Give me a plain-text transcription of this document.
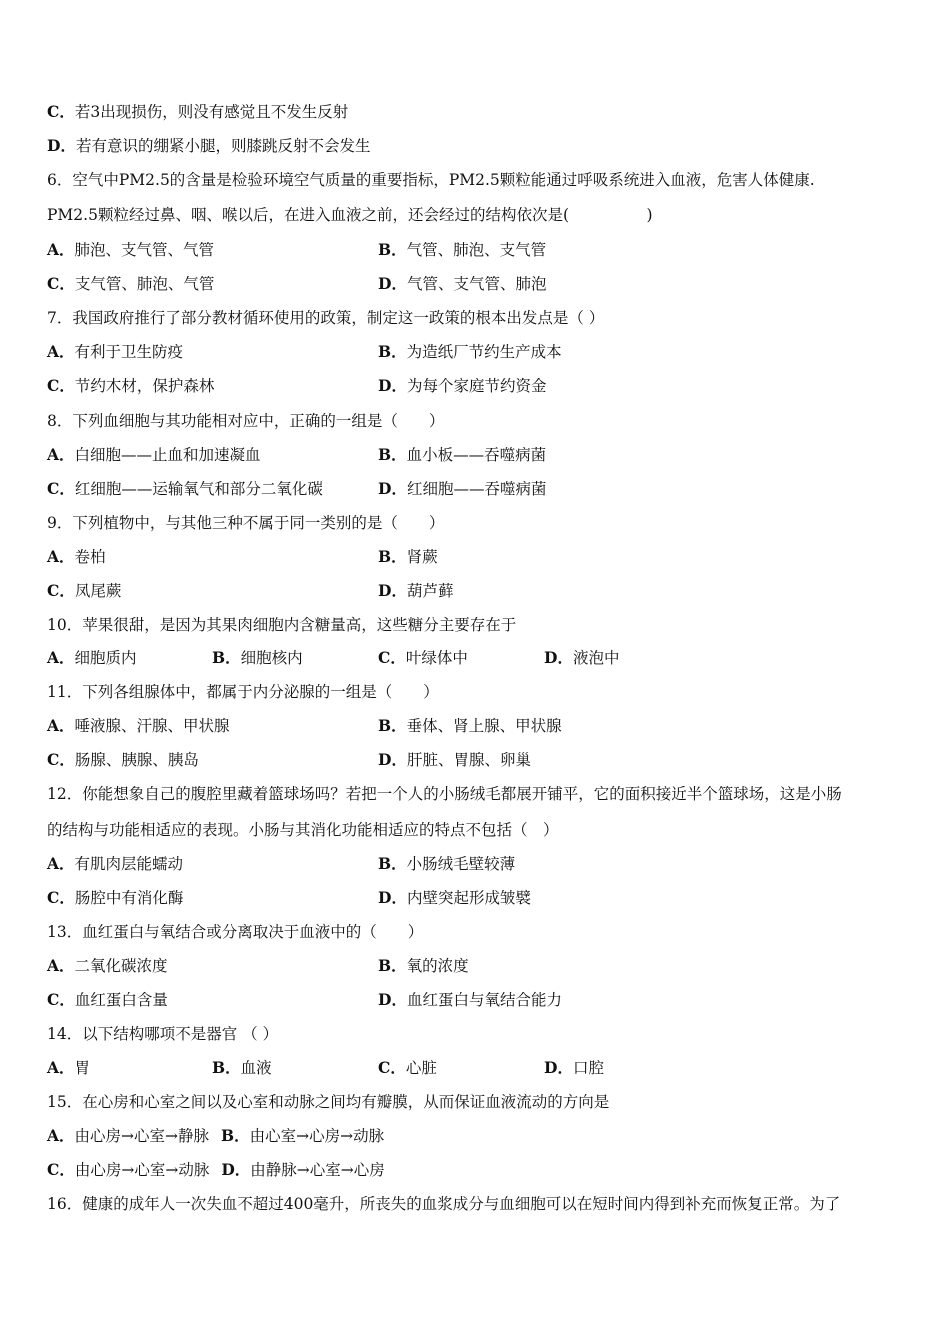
C．若3出现损伤，则没有感觉且不发生反射
D．若有意识的绷紧小腿，则膝跳反射不会发生
6．空气中PM2.5的含量是检验环境空气质量的重要指标，PM2.5颗粒能通过呼吸系统进入血液，危害人体健康.
PM2.5颗粒经过鼻、咽、喉以后，在进入血液之前，还会经过的结构依次是(　　　　　)
A．肺泡、支气管、气管	B．气管、肺泡、支气管
C．支气管、肺泡、气管	D．气管、支气管、肺泡
7．我国政府推行了部分教材循环使用的政策，制定这一政策的根本出发点是（ ）
A．有利于卫生防疫	B．为造纸厂节约生产成本
C．节约木材，保护森林	D．为每个家庭节约资金
8．下列血细胞与其功能相对应中，正确的一组是（　　）
A．白细胞——止血和加速凝血	B．血小板——吞噬病菌
C．红细胞——运输氧气和部分二氧化碳	D．红细胞——吞噬病菌
9．下列植物中，与其他三种不属于同一类别的是（　　）
A．卷柏	B．肾蕨
C．凤尾蕨	D．葫芦藓
10．苹果很甜，是因为其果肉细胞内含糖量高，这些糖分主要存在于
A．细胞质内	B．细胞核内	C．叶绿体中	D．液泡中
11．下列各组腺体中，都属于内分泌腺的一组是（　　）
A．唾液腺、汗腺、甲状腺	B．垂体、肾上腺、甲状腺
C．肠腺、胰腺、胰岛	D．肝脏、胃腺、卵巢
12．你能想象自己的腹腔里藏着篮球场吗？若把一个人的小肠绒毛都展开铺平，它的面积接近半个篮球场，这是小肠
的结构与功能相适应的表现。小肠与其消化功能相适应的特点不包括（　）
A．有肌肉层能蠕动	B．小肠绒毛壁较薄
C．肠腔中有消化酶	D．内壁突起形成皱襞
13．血红蛋白与氧结合或分离取决于血液中的（　　）
A．二氧化碳浓度	B．氧的浓度
C．血红蛋白含量	D．血红蛋白与氧结合能力
14．以下结构哪项不是器官 （ ）
A．胃	B．血液	C．心脏	D．口腔
15．在心房和心室之间以及心室和动脉之间均有瓣膜，从而保证血液流动的方向是
A．由心房→心室→静脉 B．由心室→心房→动脉
C．由心房→心室→动脉 D．由静脉→心室→心房
16．健康的成年人一次失血不超过400毫升，所丧失的血浆成分与血细胞可以在短时间内得到补充而恢复正常。为了
